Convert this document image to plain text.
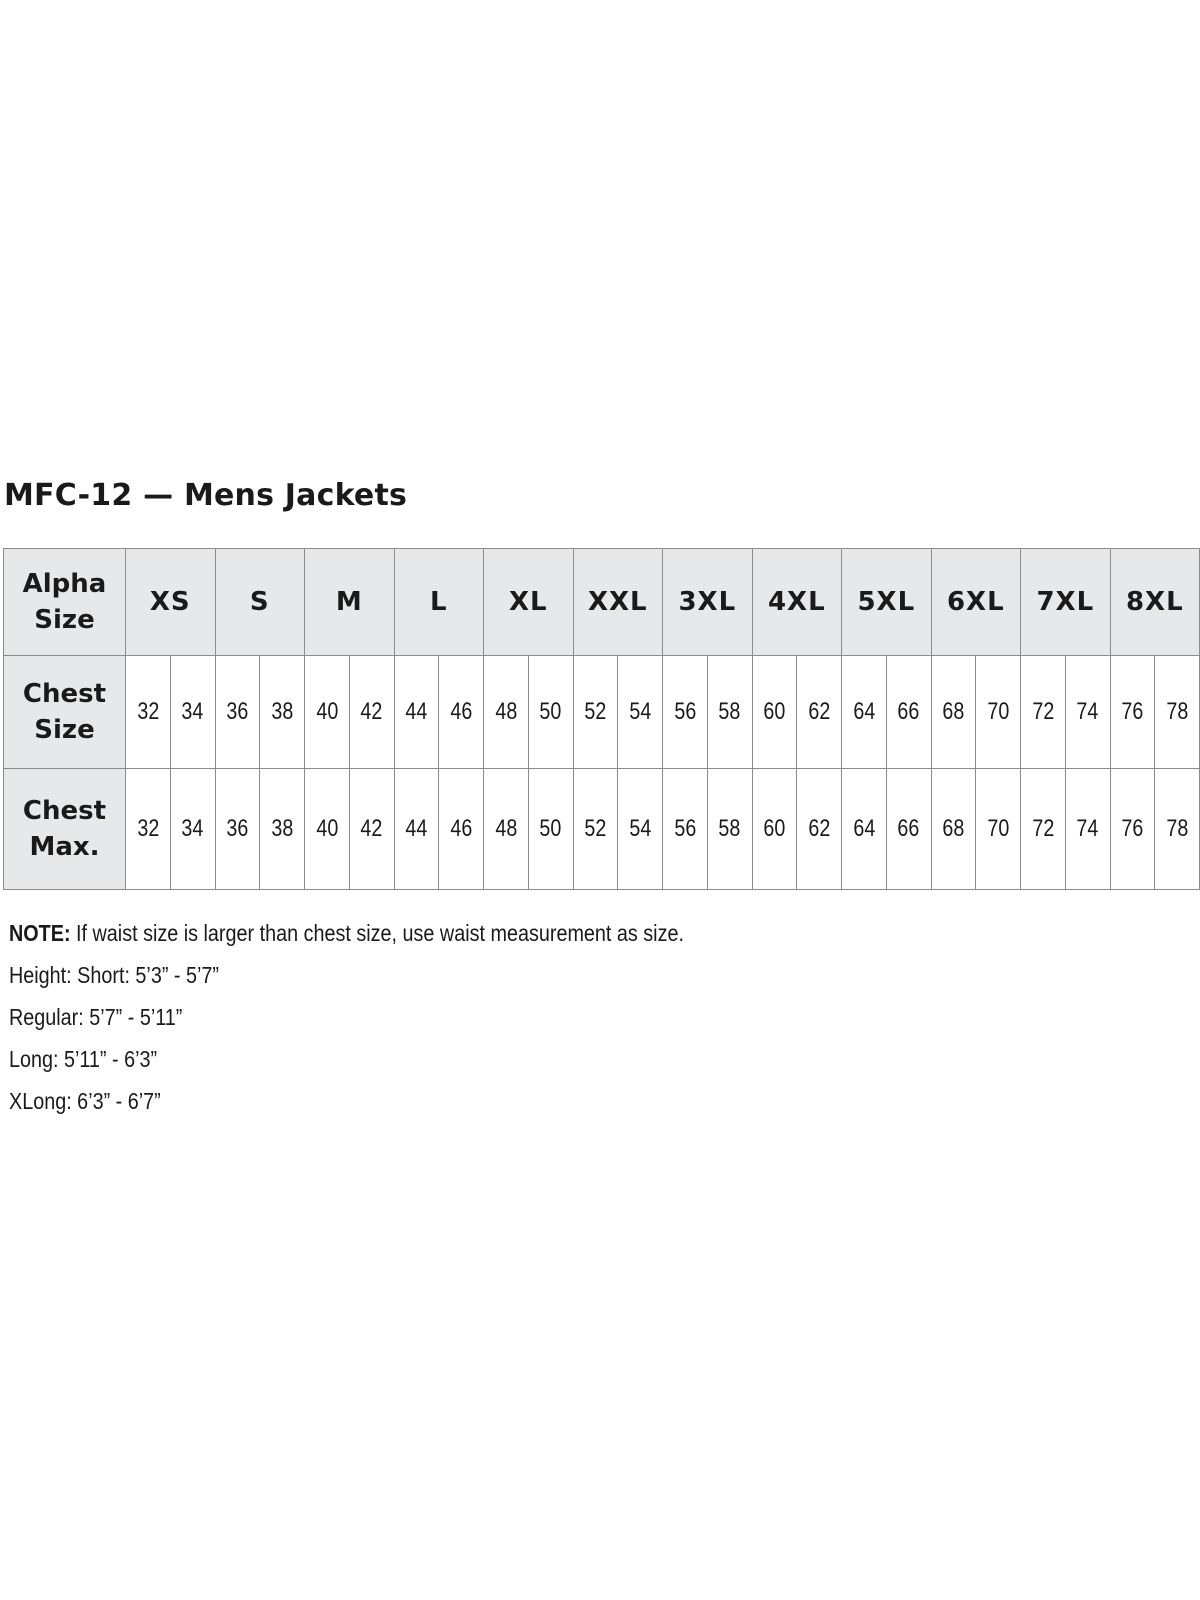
MFC-12 — Mens Jackets
Alpha
Size	XS		S		M		L		XL		XXL		3XL		4XL		5XL		6XL		7XL		8XL	

Chest
Size	32	34	36	38	40	42	44	46	48	50	52	54	56	58	60	62	64	66	68	70	72	74	76	78

Chest
Max.	32	34	36	38	40	42	44	46	48	50	52	54	56	58	60	62	64	66	68	70	72	74	76	78
NOTE: If waist size is larger than chest size, use waist measurement as size.
Height: Short: 5’3” - 5’7”
Regular: 5’7” - 5’11”
Long: 5’11” - 6’3”
XLong: 6’3” - 6’7”
